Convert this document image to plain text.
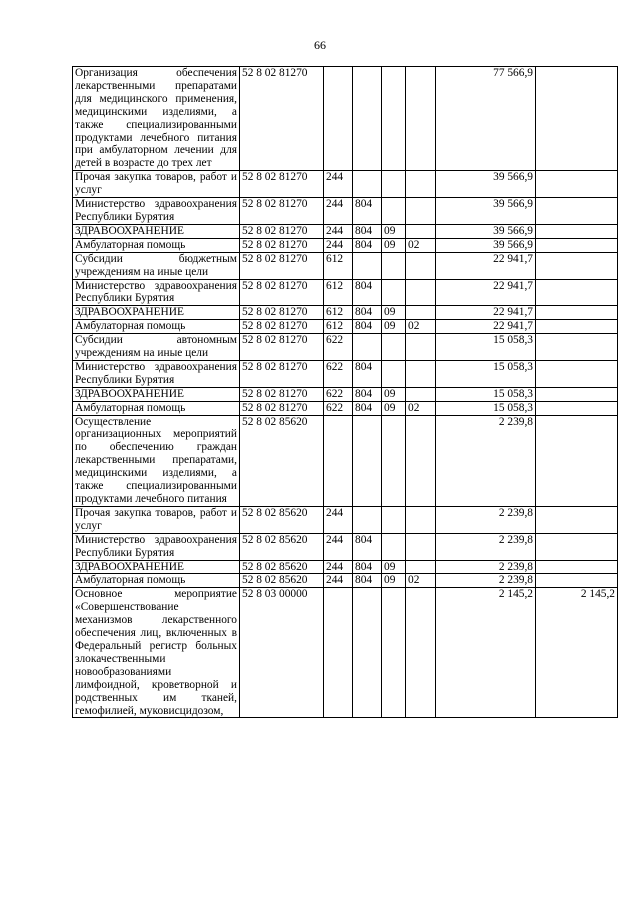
66
Организация обеспечения лекарственными препаратами для медицинского применения, медицинскими изделиями, а также специализированными продуктами лечебного питания при амбулаторном лечении для детей в возрасте до трех лет	52 8 02 81270					77 566,9	
Прочая закупка товаров, работ и услуг	52 8 02 81270	244				39 566,9	
Министерство здравоохранения Республики Бурятия	52 8 02 81270	244	804			39 566,9	
ЗДРАВООХРАНЕНИЕ	52 8 02 81270	244	804	09		39 566,9	
Амбулаторная помощь	52 8 02 81270	244	804	09	02	39 566,9	
Субсидии бюджетным учреждениям на иные цели	52 8 02 81270	612				22 941,7	
Министерство здравоохранения Республики Бурятия	52 8 02 81270	612	804			22 941,7	
ЗДРАВООХРАНЕНИЕ	52 8 02 81270	612	804	09		22 941,7	
Амбулаторная помощь	52 8 02 81270	612	804	09	02	22 941,7	
Субсидии автономным учреждениям на иные цели	52 8 02 81270	622				15 058,3	
Министерство здравоохранения Республики Бурятия	52 8 02 81270	622	804			15 058,3	
ЗДРАВООХРАНЕНИЕ	52 8 02 81270	622	804	09		15 058,3	
Амбулаторная помощь	52 8 02 81270	622	804	09	02	15 058,3	
Осуществление организационных мероприятий по обеспечению граждан лекарственными препаратами, медицинскими изделиями, а также специализированными продуктами лечебного питания	52 8 02 85620					2 239,8	
Прочая закупка товаров, работ и услуг	52 8 02 85620	244				2 239,8	
Министерство здравоохранения Республики Бурятия	52 8 02 85620	244	804			2 239,8	
ЗДРАВООХРАНЕНИЕ	52 8 02 85620	244	804	09		2 239,8	
Амбулаторная помощь	52 8 02 85620	244	804	09	02	2 239,8	
Основное мероприятие «Совершенствование механизмов лекарственного обеспечения лиц, включенных в Федеральный регистр больных злокачественными новообразованиями лимфоидной, кроветворной и родственных им тканей, гемофилией, муковисцидозом,	52 8 03 00000					2 145,2	2 145,2
